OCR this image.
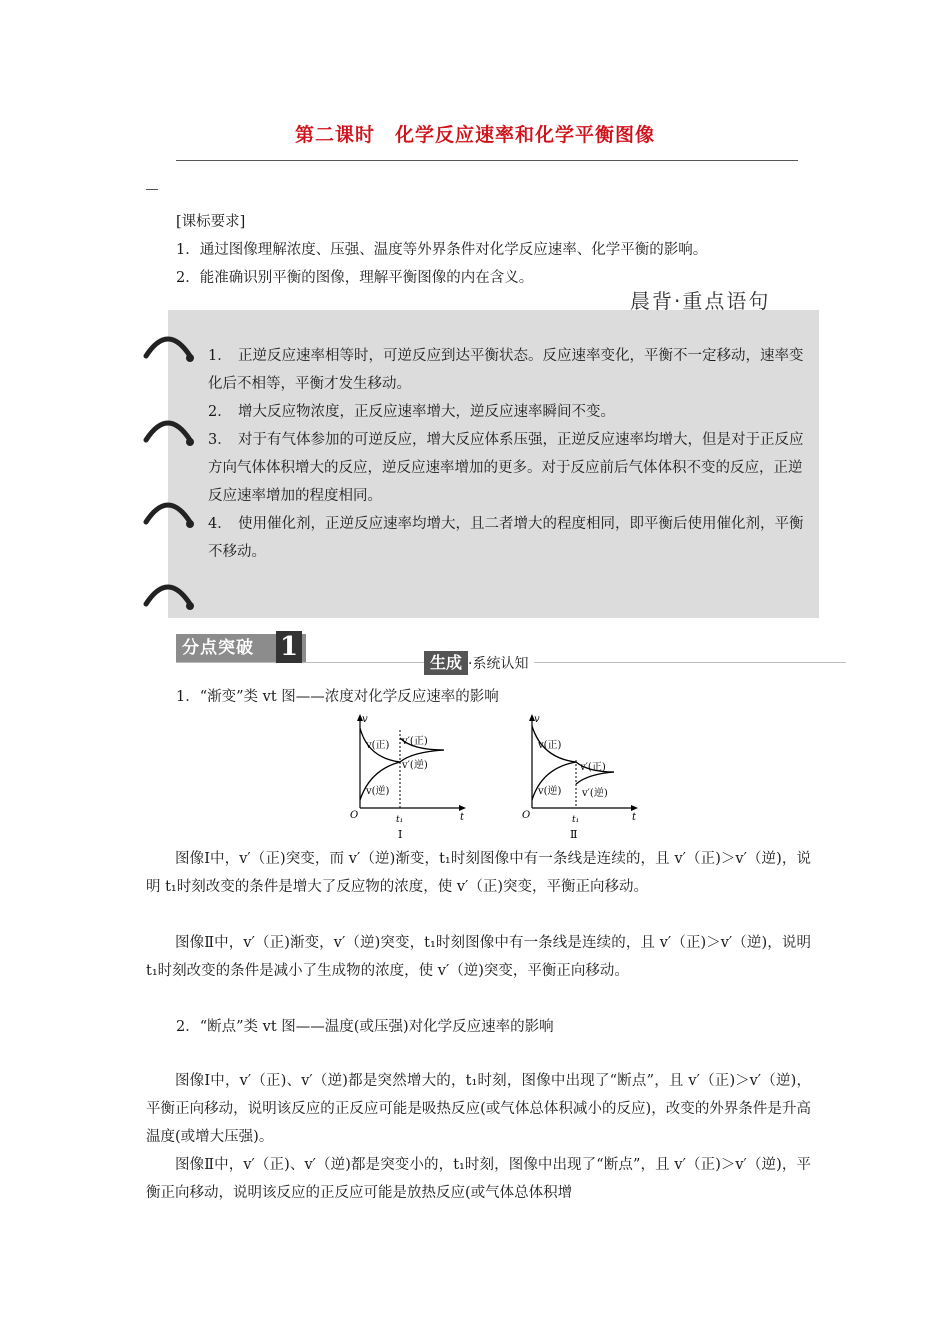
第二课时　化学反应速率和化学平衡图像
[课标要求]
1．通过图像理解浓度、压强、温度等外界条件对化学反应速率、化学平衡的影响。
2．能准确识别平衡的图像，理解平衡图像的内在含义。
晨背·重点语句
1． 正逆反应速率相等时，可逆反应到达平衡状态。反应速率变化，平衡不一定移动，速率变化后不相等，平衡才发生移动。
2． 增大反应物浓度，正反应速率增大，逆反应速率瞬间不变。
3． 对于有气体参加的可逆反应，增大反应体系压强，正逆反应速率均增大，但是对于正反应方向气体体积增大的反应，逆反应速率增加的更多。对于反应前后气体体积不变的反应，正逆反应速率增加的程度相同。
4． 使用催化剂，正逆反应速率均增大，且二者增大的程度相同，即平衡后使用催化剂，平衡不移动。
分点突破 1
生成 ·系统认知
1．“渐变”类 vt 图——浓度对化学反应速率的影响
v
t
O	t₁
v(正)
v(逆)
v′(正)
v′(逆)
Ⅰ
v
t
O	t₁
v(正)
v(逆)
v′(正)
v′(逆)
Ⅱ
图像Ⅰ中，v′（正)突变，而 v′（逆)渐变，t₁时刻图像中有一条线是连续的，且 v′（正)＞v′（逆)，说明 t₁时刻改变的条件是增大了反应物的浓度，使 v′（正)突变，平衡正向移动。
图像Ⅱ中，v′（正)渐变，v′（逆)突变，t₁时刻图像中有一条线是连续的，且 v′（正)＞v′（逆)，说明 t₁时刻改变的条件是减小了生成物的浓度，使 v′（逆)突变，平衡正向移动。
2．“断点”类 vt 图——温度(或压强)对化学反应速率的影响
图像Ⅰ中，v′（正)、v′（逆)都是突然增大的，t₁时刻，图像中出现了“断点”，且 v′（正)＞v′（逆)，平衡正向移动，说明该反应的正反应可能是吸热反应(或气体总体积减小的反应)，改变的外界条件是升高温度(或增大压强)。
图像Ⅱ中，v′（正)、v′（逆)都是突变小的，t₁时刻，图像中出现了“断点”，且 v′（正)＞v′（逆)，平衡正向移动，说明该反应的正反应可能是放热反应(或气体总体积增
